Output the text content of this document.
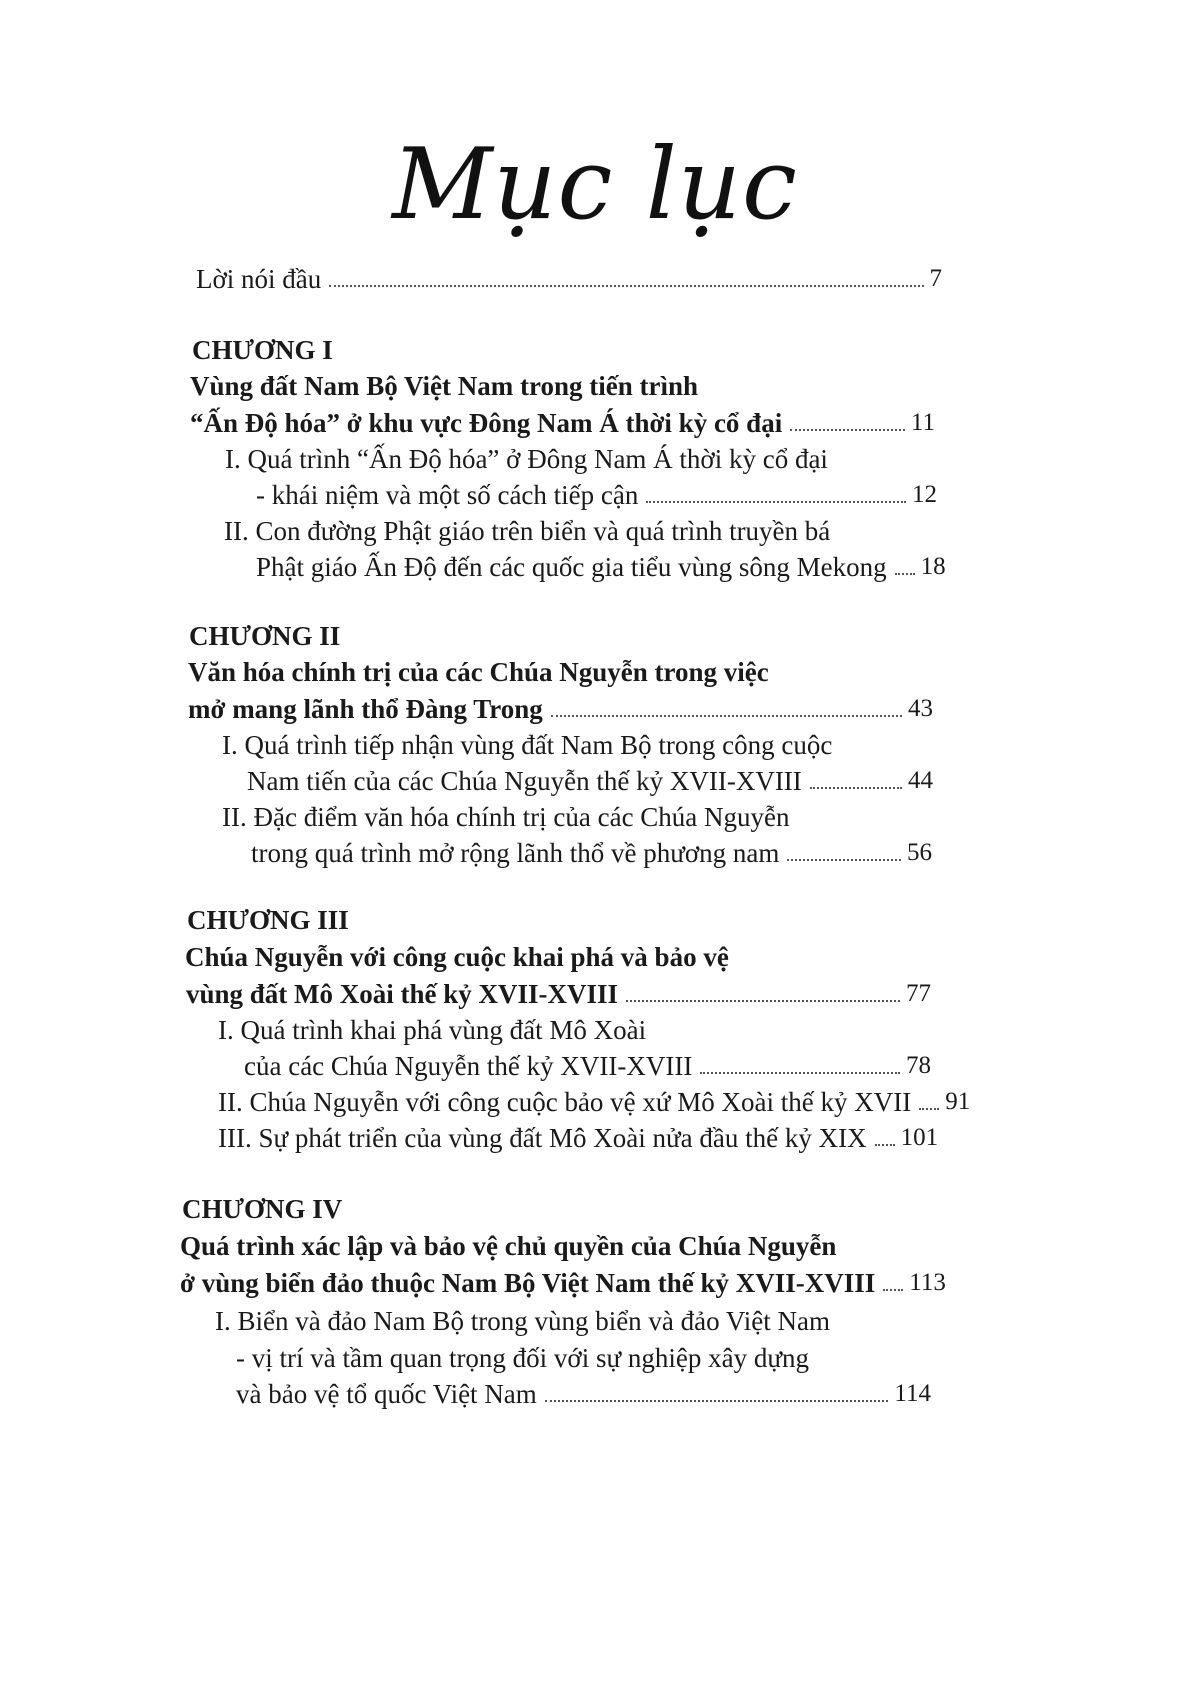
Mục lục
Lời nói đầu	7
CHƯƠNG I
Vùng đất Nam Bộ Việt Nam trong tiến trình
“Ấn Độ hóa” ở khu vực Đông Nam Á thời kỳ cổ đại	11
I. Quá trình “Ấn Độ hóa” ở Đông Nam Á thời kỳ cổ đại
- khái niệm và một số cách tiếp cận	12
II. Con đường Phật giáo trên biển và quá trình truyền bá
Phật giáo Ấn Độ đến các quốc gia tiểu vùng sông Mekong 18
CHƯƠNG II
Văn hóa chính trị của các Chúa Nguyễn trong việc
mở mang lãnh thổ Đàng Trong	43
I. Quá trình tiếp nhận vùng đất Nam Bộ trong công cuộc
Nam tiến của các Chúa Nguyễn thế kỷ XVII-XVIII	44
II. Đặc điểm văn hóa chính trị của các Chúa Nguyễn
trong quá trình mở rộng lãnh thổ về phương nam	56
CHƯƠNG III
Chúa Nguyễn với công cuộc khai phá và bảo vệ
vùng đất Mô Xoài thế kỷ XVII-XVIII	77
I. Quá trình khai phá vùng đất Mô Xoài
của các Chúa Nguyễn thế kỷ XVII-XVIII	78
II. Chúa Nguyễn với công cuộc bảo vệ xứ Mô Xoài thế kỷ XVII 91
III. Sự phát triển của vùng đất Mô Xoài nửa đầu thế kỷ XIX 101
CHƯƠNG IV
Quá trình xác lập và bảo vệ chủ quyền của Chúa Nguyễn
ở vùng biển đảo thuộc Nam Bộ Việt Nam thế kỷ XVII-XVIII 113
I. Biển và đảo Nam Bộ trong vùng biển và đảo Việt Nam
- vị trí và tầm quan trọng đối với sự nghiệp xây dựng
và bảo vệ tổ quốc Việt Nam	114
